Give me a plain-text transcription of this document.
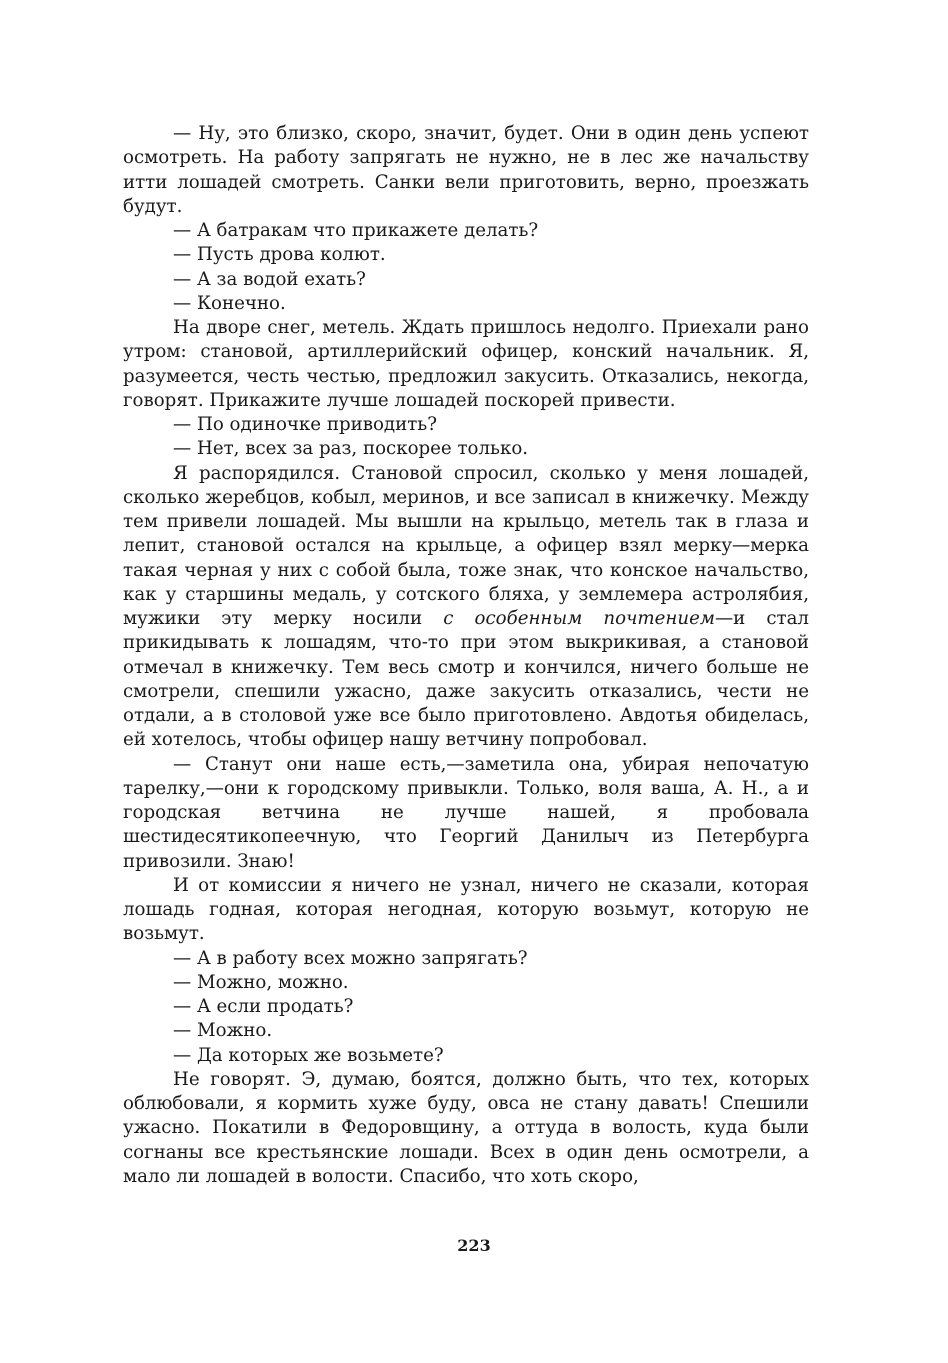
— Ну, это близко, скоро, значит, будет. Они в один день успеют осмотреть. На работу запрягать не нужно, не в лес же начальству итти лошадей смотреть. Санки вели приготовить, верно, проезжать будут.

— А батракам что прикажете делать?

— Пусть дрова колют.

— А за водой ехать?

— Конечно.

На дворе снег, метель. Ждать пришлось недолго. Приехали рано утром: становой, артиллерийский офицер, конский начальник. Я, разумеется, честь честью, предложил закусить. Отказались, некогда, говорят. Прикажите лучше лошадей поскорей привести.

— По одиночке приводить?

— Нет, всех за раз, поскорее только.

Я распорядился. Становой спросил, сколько у меня лошадей, сколько жеребцов, кобыл, меринов, и все записал в книжечку. Между тем привели лошадей. Мы вышли на крыльцо, метель так в глаза и лепит, становой остался на крыльце, а офицер взял мерку—мерка такая черная у них с собой была, тоже знак, что конское начальство, как у старшины медаль, у сотского бляха, у землемера астролябия, мужики эту мерку носили с особенным почтением—и стал прикидывать к лошадям, что-то при этом выкрикивая, а становой отмечал в книжечку. Тем весь смотр и кончился, ничего больше не смотрели, спешили ужасно, даже закусить отказались, чести не отдали, а в столовой уже все было приготовлено. Авдотья обиделась, ей хотелось, чтобы офицер нашу ветчину попробовал.

— Станут они наше есть,—заметила она, убирая непочатую тарелку,—они к городскому привыкли. Только, воля ваша, А. Н., а и городская ветчина не лучше нашей, я пробовала шестидесятикопеечную, что Георгий Данилыч из Петербурга привозили. Знаю!

И от комиссии я ничего не узнал, ничего не сказали, которая лошадь годная, которая негодная, которую возьмут, которую не возьмут.

— А в работу всех можно запрягать?

— Можно, можно.

— А если продать?

— Можно.

— Да которых же возьмете?

Не говорят. Э, думаю, боятся, должно быть, что тех, которых облюбовали, я кормить хуже буду, овса не стану давать! Спешили ужасно. Покатили в Федоровщину, а оттуда в волость, куда были согнаны все крестьянские лошади. Всех в один день осмотрели, а мало ли лошадей в волости. Спасибо, что хоть скоро,

223
